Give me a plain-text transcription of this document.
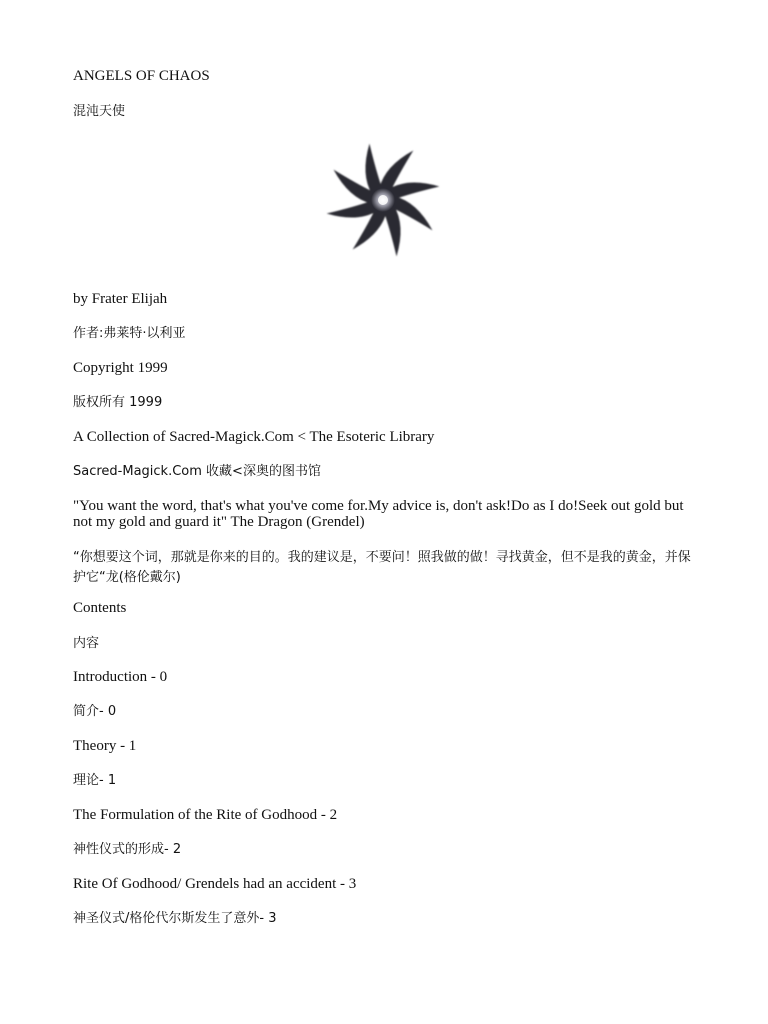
ANGELS OF CHAOS
混沌天使
by Frater Elijah
作者:弗莱特·以利亚
Copyright 1999
版权所有 1999
A Collection of Sacred-Magick.Com < The Esoteric Library
Sacred-Magick.Com 收藏<深奥的图书馆
"You want the word, that's what you've come for.My advice is, don't ask!Do as I do!Seek out gold but not my gold and guard it" The Dragon (Grendel)
“你想要这个词，那就是你来的目的。我的建议是，不要问！照我做的做！寻找黄金，但不是我的黄金，并保护它“龙(格伦戴尔)
Contents
内容
Introduction - 0
简介- 0
Theory - 1
理论- 1
The Formulation of the Rite of Godhood - 2
神性仪式的形成- 2
Rite Of Godhood/ Grendels had an accident - 3
神圣仪式/格伦代尔斯发生了意外- 3
